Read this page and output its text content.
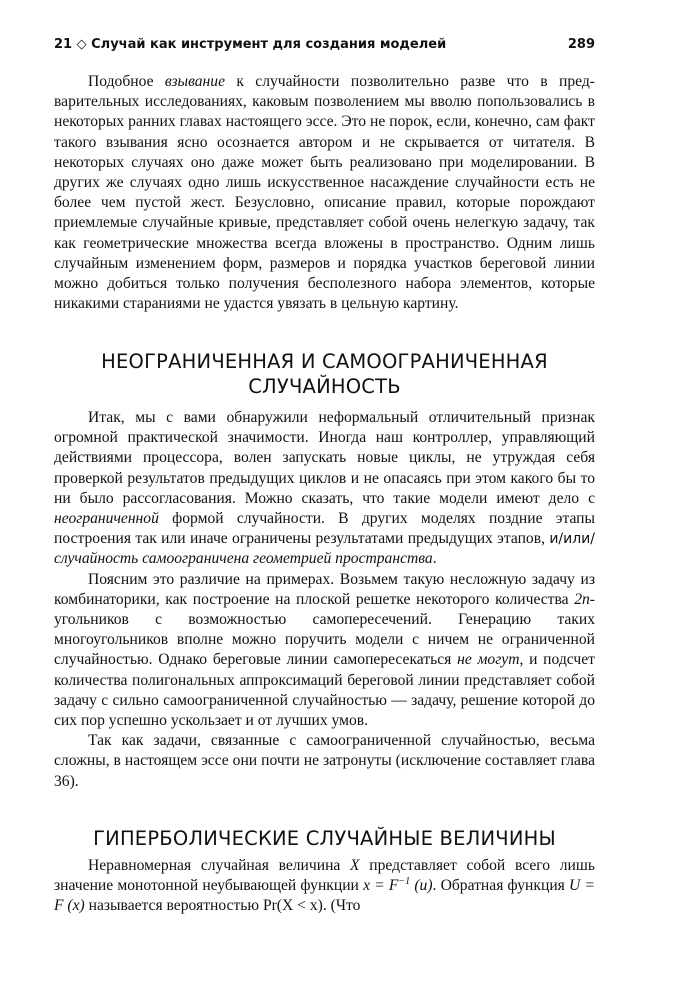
21 ◇ Случай как инструмент для создания моделей	289

Подобное взывание к случайности позволительно разве что в предварительных исследованиях, каковым позволением мы вволю попользовались в некоторых ранних главах настоящего эссе. Это не порок, если, конечно, сам факт такого взывания ясно осознается автором и не скрывается от читателя. В некоторых случаях оно даже может быть реализовано при моделировании. В других же случаях одно лишь искусственное насаждение случайности есть не более чем пустой жест. Безусловно, описание правил, которые порождают приемлемые случайные кривые, представляет собой очень нелегкую задачу, так как геометрические множества всегда вложены в пространство. Одним лишь случайным изменением форм, размеров и порядка участков береговой линии можно добиться только получения бесполезного набора элементов, которые никакими стараниями не удастся увязать в цельную картину.

НЕОГРАНИЧЕННАЯ И САМООГРАНИЧЕННАЯ
СЛУЧАЙНОСТЬ

Итак, мы с вами обнаружили неформальный отличительный признак огромной практической значимости. Иногда наш контроллер, управляющий действиями процессора, волен запускать новые циклы, не утруждая себя проверкой результатов предыдущих циклов и не опасаясь при этом какого бы то ни было рассогласования. Можно сказать, что такие модели имеют дело с неограниченной формой случайности. В других моделях поздние этапы построения так или иначе ограничены результатами предыдущих этапов, и/или/ случайность самоограничена геометрией пространства.

Поясним это различие на примерах. Возьмем такую несложную задачу из комбинаторики, как построение на плоской решетке некоторого количества 2n-угольников с возможностью самопересечений. Генерацию таких многоугольников вполне можно поручить модели с ничем не ограниченной случайностью. Однако береговые линии самопересекаться не могут, и подсчет количества полигональных аппроксимаций береговой линии представляет собой задачу с сильно самоограниченной случайностью — задачу, решение которой до сих пор успешно ускользает и от лучших умов.

Так как задачи, связанные с самоограниченной случайностью, весьма сложны, в настоящем эссе они почти не затронуты (исключение составляет глава 36).

ГИПЕРБОЛИЧЕСКИЕ СЛУЧАЙНЫЕ ВЕЛИЧИНЫ

Неравномерная случайная величина X представляет собой всего лишь значение монотонной неубывающей функции $x = F^{-1}$ (u). Обратная функция U = F (x) называется вероятностью Pr(X < x). (Что
